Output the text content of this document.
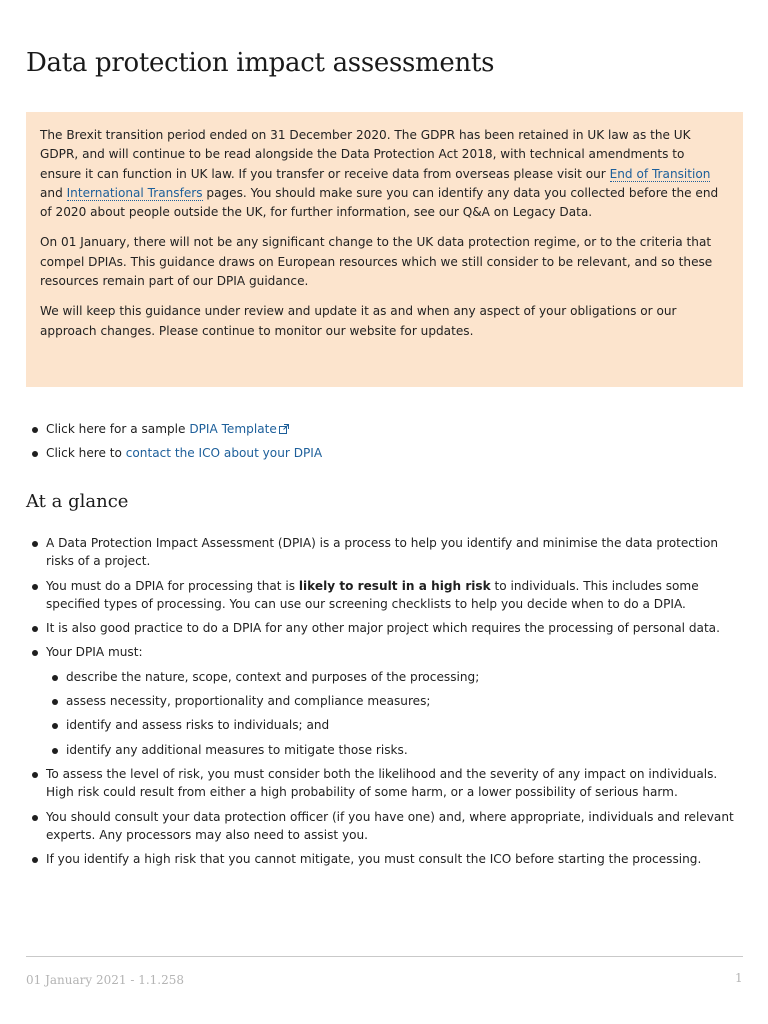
Data protection impact assessments

The Brexit transition period ended on 31 December 2020. The GDPR has been retained in UK law as the UK GDPR, and will continue to be read alongside the Data Protection Act 2018, with technical amendments to ensure it can function in UK law. If you transfer or receive data from overseas please visit our End of Transition and International Transfers pages. You should make sure you can identify any data you collected before the end of 2020 about people outside the UK, for further information, see our Q&A on Legacy Data.

On 01 January, there will not be any significant change to the UK data protection regime, or to the criteria that compel DPIAs. This guidance draws on European resources which we still consider to be relevant, and so these resources remain part of our DPIA guidance.

We will keep this guidance under review and update it as and when any aspect of your obligations or our approach changes. Please continue to monitor our website for updates.

Click here for a sample DPIA Template
Click here to contact the ICO about your DPIA
At a glance
A Data Protection Impact Assessment (DPIA) is a process to help you identify and minimise the data protection risks of a project.
You must do a DPIA for processing that is likely to result in a high risk to individuals. This includes some specified types of processing. You can use our screening checklists to help you decide when to do a DPIA.
It is also good practice to do a DPIA for any other major project which requires the processing of personal data.
Your DPIA must:
describe the nature, scope, context and purposes of the processing;
assess necessity, proportionality and compliance measures;
identify and assess risks to individuals; and
identify any additional measures to mitigate those risks.
To assess the level of risk, you must consider both the likelihood and the severity of any impact on individuals. High risk could result from either a high probability of some harm, or a lower possibility of serious harm.
You should consult your data protection officer (if you have one) and, where appropriate, individuals and relevant experts. Any processors may also need to assist you.
If you identify a high risk that you cannot mitigate, you must consult the ICO before starting the processing.
01 January 2021 - 1.1.258	1
